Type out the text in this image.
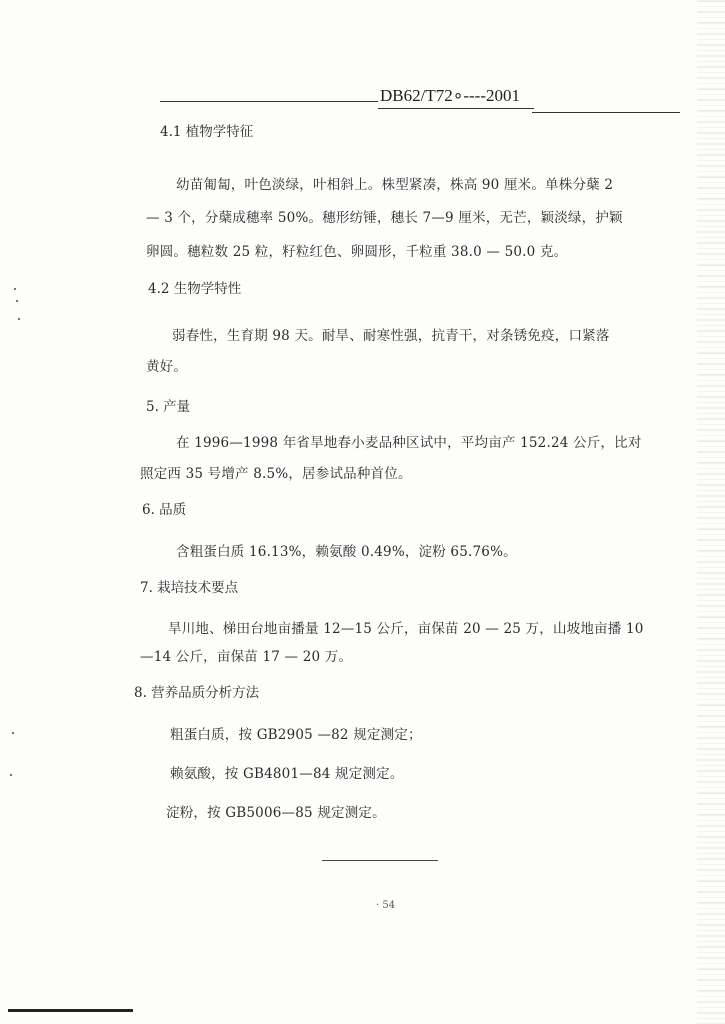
DB62/T72∘----2001
4.1 植物学特征
幼苗匍匐，叶色淡绿，叶相斜上。株型紧凑，株高 90 厘米。单株分蘖 2
— 3 个，分蘖成穗率 50%。穗形纺锤，穗长 7—9 厘米，无芒，颖淡绿，护颖
卵圆。穗粒数 25 粒，籽粒红色、卵圆形，千粒重 38.0 — 50.0 克。
4.2 生物学特性
弱春性，生育期 98 天。耐旱、耐寒性强，抗青干，对条锈免疫，口紧落
黄好。
5. 产量
在 1996—1998 年省旱地春小麦品种区试中，平均亩产 152.24 公斤，比对
照定西 35 号增产 8.5%，居参试品种首位。
6. 品质
含粗蛋白质 16.13%，赖氨酸 0.49%，淀粉 65.76%。
7. 栽培技术要点
旱川地、梯田台地亩播量 12—15 公斤，亩保苗 20 — 25 万，山坡地亩播 10
—14 公斤，亩保苗 17 — 20 万。
8. 营养品质分析方法
粗蛋白质，按 GB2905 —82 规定测定；
赖氨酸，按 GB4801—84 规定测定。
淀粉，按 GB5006—85 规定测定。
· 54
